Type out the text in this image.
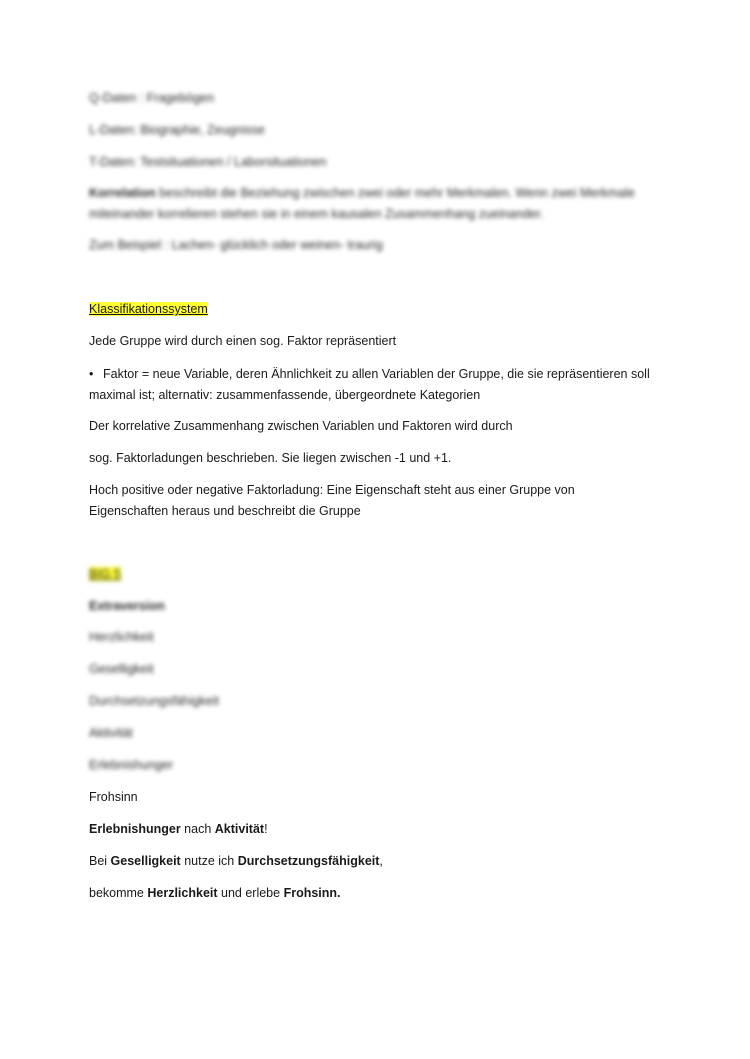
Q-Daten : Fragebögen
L-Daten: Biographie, Zeugnisse
T-Daten: Testsituationen / Laborsituationen
Korrelation beschreibt die Beziehung zwischen zwei oder mehr Merkmalen. Wenn zwei Merkmale miteinander korrelieren stehen sie in einem kausalen Zusammenhang zueinander.
Zum Beispiel : Lachen- glücklich oder weinen- traurig
Klassifikationssystem
Jede Gruppe wird durch einen sog. Faktor repräsentiert
• Faktor = neue Variable, deren Ähnlichkeit zu allen Variablen der Gruppe, die sie repräsentieren soll maximal ist; alternativ: zusammenfassende, übergeordnete Kategorien
Der korrelative Zusammenhang zwischen Variablen und Faktoren wird durch
sog. Faktorladungen beschrieben. Sie liegen zwischen -1 und +1.
Hoch positive oder negative Faktorladung: Eine Eigenschaft steht aus einer Gruppe von Eigenschaften heraus und beschreibt die Gruppe
BIG 5
Extraversion
Herzlichkeit
Geselligkeit
Durchsetzungsfähigkeit
Aktivität
Erlebnishunger
Frohsinn
Erlebnishunger nach Aktivität!
Bei Geselligkeit nutze ich Durchsetzungsfähigkeit,
bekomme Herzlichkeit und erlebe Frohsinn.
